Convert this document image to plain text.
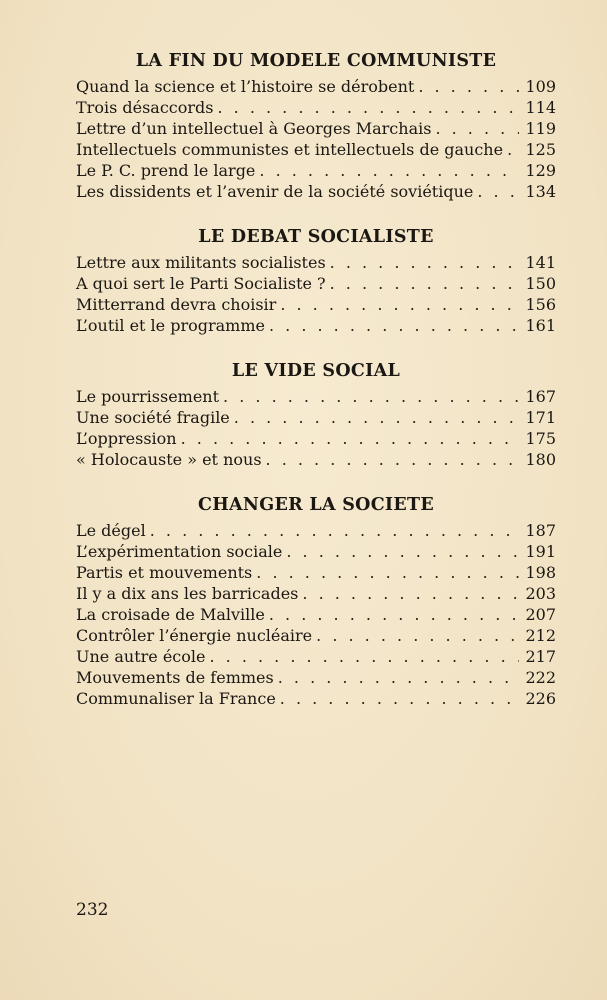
LA FIN DU MODELE COMMUNISTE
Quand la science et l’histoire se dérobent . . .	109
Trois désaccords . . .	114
Lettre d’un intellectuel à Georges Marchais . . .	119
Intellectuels communistes et intellectuels de gauche . . . 125
Le P. C. prend le large . . .	129
Les dissidents et l’avenir de la société soviétique . . .	134
LE DEBAT SOCIALISTE
Lettre aux militants socialistes . . .	141
A quoi sert le Parti Socialiste ? . . .	150
Mitterrand devra choisir . . .	156
L’outil et le programme . . .	161
LE VIDE SOCIAL
Le pourrissement . . .	167
Une société fragile . . .	171
L’oppression . . .	175
« Holocauste » et nous . . .	180
CHANGER LA SOCIETE
Le dégel . . .	187
L’expérimentation sociale . . .	191
Partis et mouvements . . .	198
Il y a dix ans les barricades . . .	203
La croisade de Malville . . .	207
Contrôler l’énergie nucléaire . . .	212
Une autre école . . .	217
Mouvements de femmes . . .	222
Communaliser la France . . .	226
232
